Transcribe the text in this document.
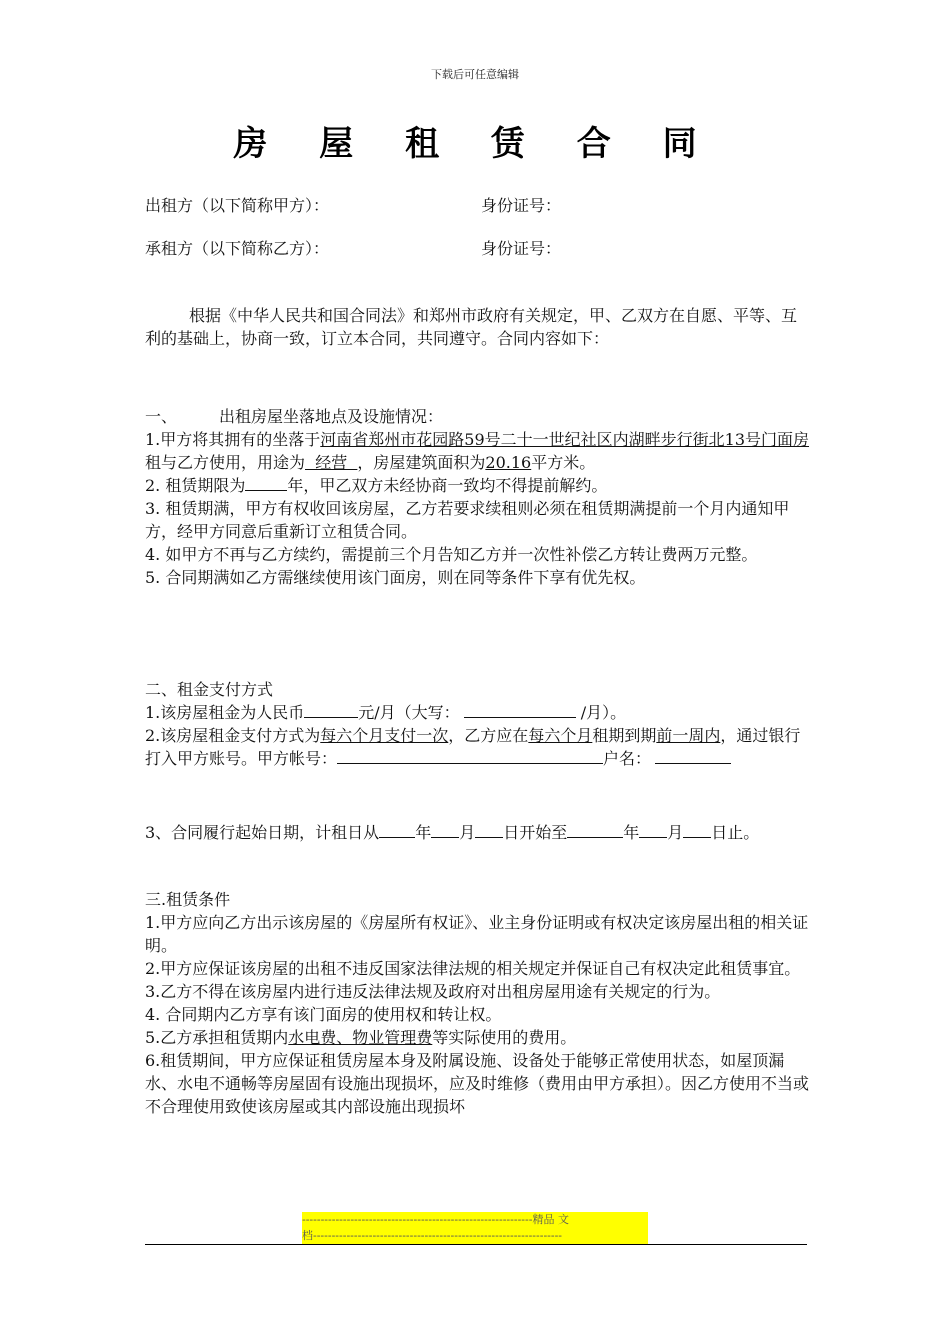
下载后可任意编辑
房 屋 租 赁 合 同
出租方（以下简称甲方）：	身份证号：
承租方（以下简称乙方）：	身份证号：

根据《中华人民共和国合同法》和郑州市政府有关规定，甲、乙双方在自愿、平等、互利的基础上，协商一致，订立本合同，共同遵守。合同内容如下：

一、	出租房屋坐落地点及设施情况：

1.甲方将其拥有的坐落于河南省郑州市花园路59号二十一世纪社区内湖畔步行街北13号门面房租与乙方使用，用途为  经营  ，房屋建筑面积为20.16平方米。

2. 租赁期限为	年，甲乙双方未经协商一致均不得提前解约。

3. 租赁期满，甲方有权收回该房屋，乙方若要求续租则必须在租赁期满提前一个月内通知甲方，经甲方同意后重新订立租赁合同。

4. 如甲方不再与乙方续约，需提前三个月告知乙方并一次性补偿乙方转让费两万元整。

5. 合同期满如乙方需继续使用该门面房，则在同等条件下享有优先权。

二、租金支付方式

1.该房屋租金为人民币	元/月（大写：	/月）。

2.该房屋租金支付方式为每六个月支付一次，乙方应在每六个月租期到期前一周内，通过银行打入甲方账号。甲方帐号：	户名：

3、合同履行起始日期，计租日从 年 月 日开始至	年 月 日止。

三.租赁条件

1.甲方应向乙方出示该房屋的《房屋所有权证》、业主身份证明或有权决定该房屋出租的相关证明。

2.甲方应保证该房屋的出租不违反国家法律法规的相关规定并保证自己有权决定此租赁事宜。

3.乙方不得在该房屋内进行违反法律法规及政府对出租房屋用途有关规定的行为。

4. 合同期内乙方享有该门面房的使用权和转让权。

5.乙方承担租赁期内水电费、物业管理费等实际使用的费用。

6.租赁期间，甲方应保证租赁房屋本身及附属设施、设备处于能够正常使用状态，如屋顶漏水、水电不通畅等房屋固有设施出现损坏，应及时维修（费用由甲方承担）。因乙方使用不当或不合理使用致使该房屋或其内部设施出现损坏

--------------------------------------------------------------精品 文
档-------------------------------------------------------------------
